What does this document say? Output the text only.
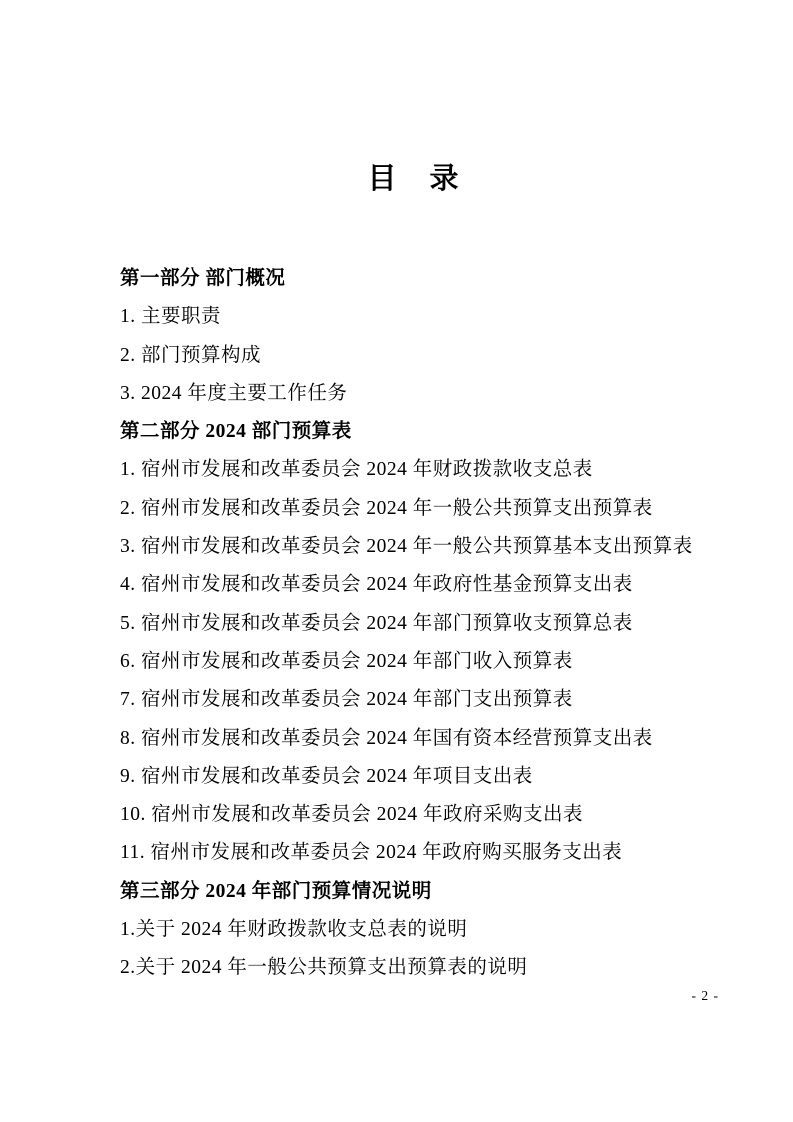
目　录
第一部分 部门概况
1. 主要职责
2. 部门预算构成
3. 2024 年度主要工作任务
第二部分 2024 部门预算表
1. 宿州市发展和改革委员会 2024 年财政拨款收支总表
2. 宿州市发展和改革委员会 2024 年一般公共预算支出预算表
3. 宿州市发展和改革委员会 2024 年一般公共预算基本支出预算表
4. 宿州市发展和改革委员会 2024 年政府性基金预算支出表
5. 宿州市发展和改革委员会 2024 年部门预算收支预算总表
6. 宿州市发展和改革委员会 2024 年部门收入预算表
7. 宿州市发展和改革委员会 2024 年部门支出预算表
8. 宿州市发展和改革委员会 2024 年国有资本经营预算支出表
9. 宿州市发展和改革委员会 2024 年项目支出表
10. 宿州市发展和改革委员会 2024 年政府采购支出表
11. 宿州市发展和改革委员会 2024 年政府购买服务支出表
第三部分 2024 年部门预算情况说明
1.关于 2024 年财政拨款收支总表的说明
2.关于 2024 年一般公共预算支出预算表的说明
- 2 -
